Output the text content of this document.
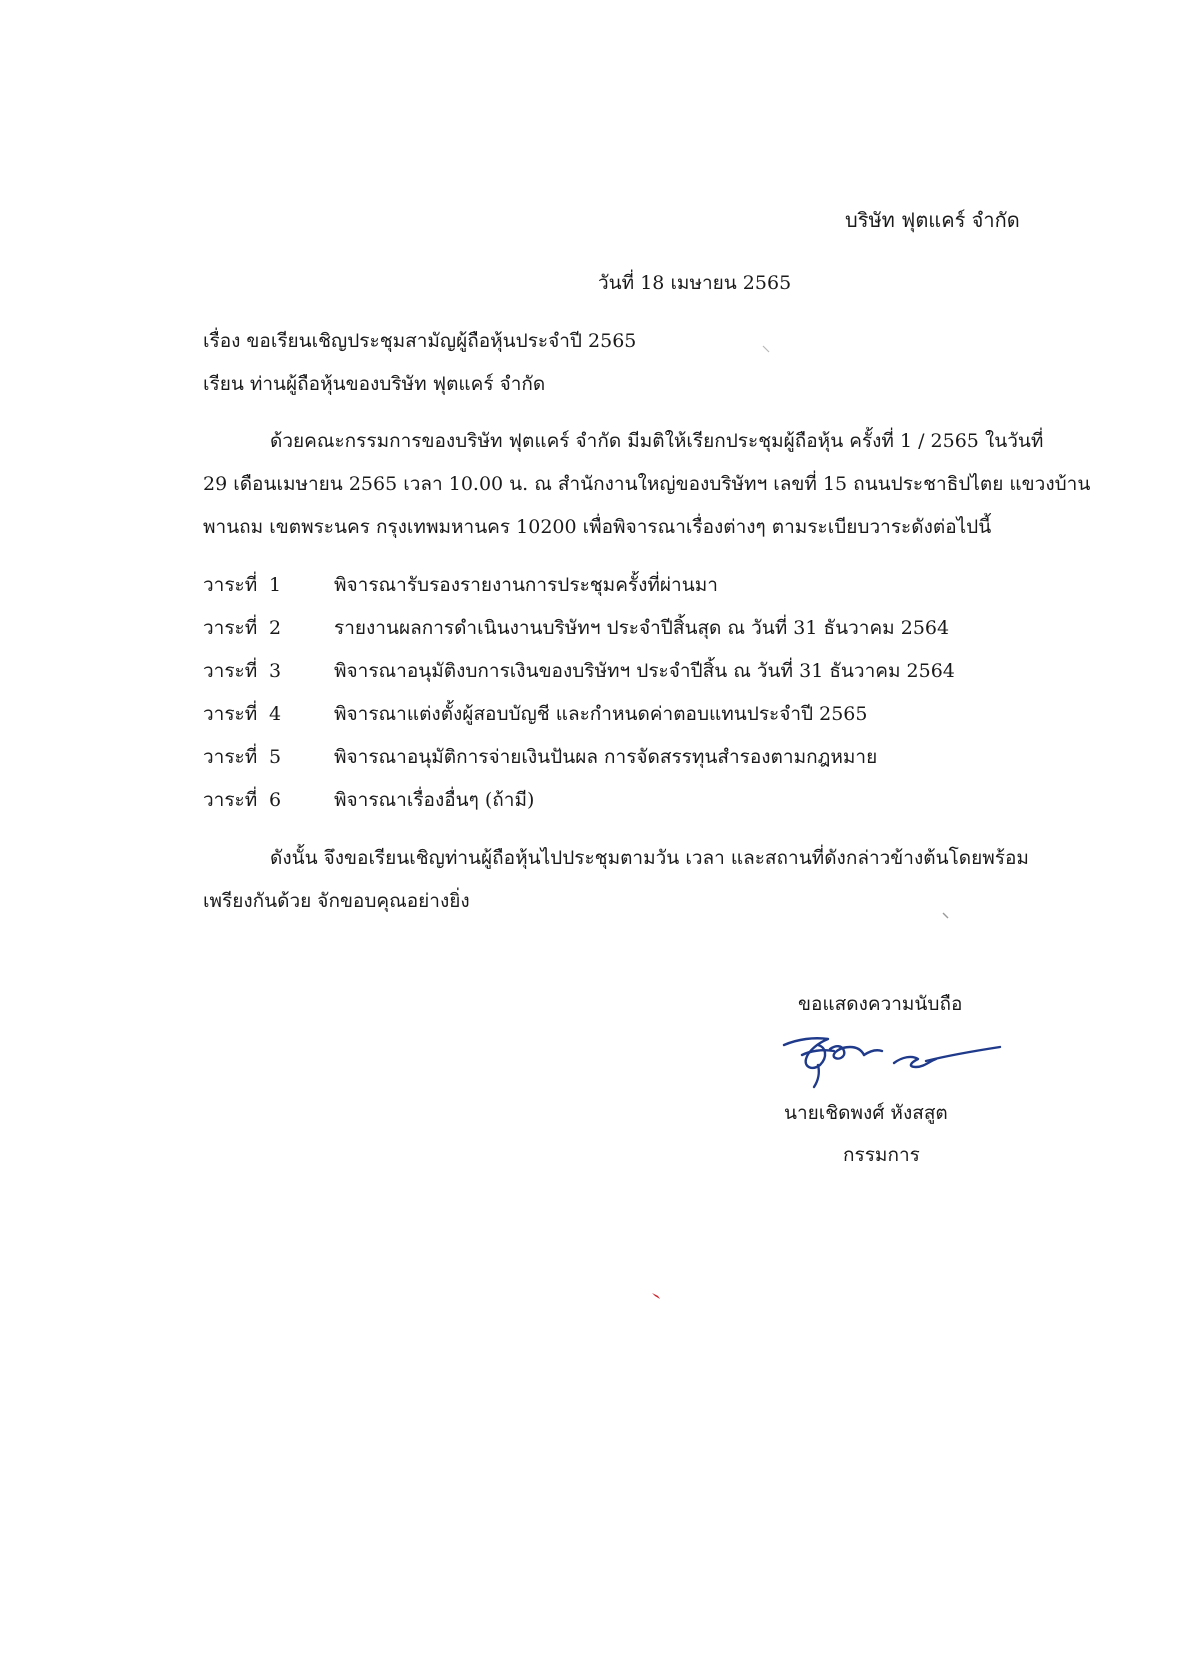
บริษัท ฟุตแคร์ จำกัด
วันที่ 18 เมษายน 2565
เรื่อง ขอเรียนเชิญประชุมสามัญผู้ถือหุ้นประจำปี 2565
เรียน ท่านผู้ถือหุ้นของบริษัท ฟุตแคร์ จำกัด
ด้วยคณะกรรมการของบริษัท ฟุตแคร์ จำกัด มีมติให้เรียกประชุมผู้ถือหุ้น ครั้งที่ 1 / 2565 ในวันที่
29 เดือนเมษายน 2565 เวลา 10.00 น. ณ สำนักงานใหญ่ของบริษัทฯ เลขที่ 15 ถนนประชาธิปไตย แขวงบ้าน
พานถม เขตพระนคร กรุงเทพมหานคร 10200 เพื่อพิจารณาเรื่องต่างๆ ตามระเบียบวาระดังต่อไปนี้
วาระที่ 1	พิจารณารับรองรายงานการประชุมครั้งที่ผ่านมา
วาระที่ 2	รายงานผลการดำเนินงานบริษัทฯ ประจำปีสิ้นสุด ณ วันที่ 31 ธันวาคม 2564
วาระที่ 3	พิจารณาอนุมัติงบการเงินของบริษัทฯ ประจำปีสิ้น ณ วันที่ 31 ธันวาคม 2564
วาระที่ 4	พิจารณาแต่งตั้งผู้สอบบัญชี และกำหนดค่าตอบแทนประจำปี 2565
วาระที่ 5	พิจารณาอนุมัติการจ่ายเงินปันผล การจัดสรรทุนสำรองตามกฎหมาย
วาระที่ 6	พิจารณาเรื่องอื่นๆ (ถ้ามี)
ดังนั้น จึงขอเรียนเชิญท่านผู้ถือหุ้นไปประชุมตามวัน เวลา และสถานที่ดังกล่าวข้างต้นโดยพร้อม
เพรียงกันด้วย จักขอบคุณอย่างยิ่ง
ขอแสดงความนับถือ
นายเชิดพงศ์ หังสสูต
กรรมการ
